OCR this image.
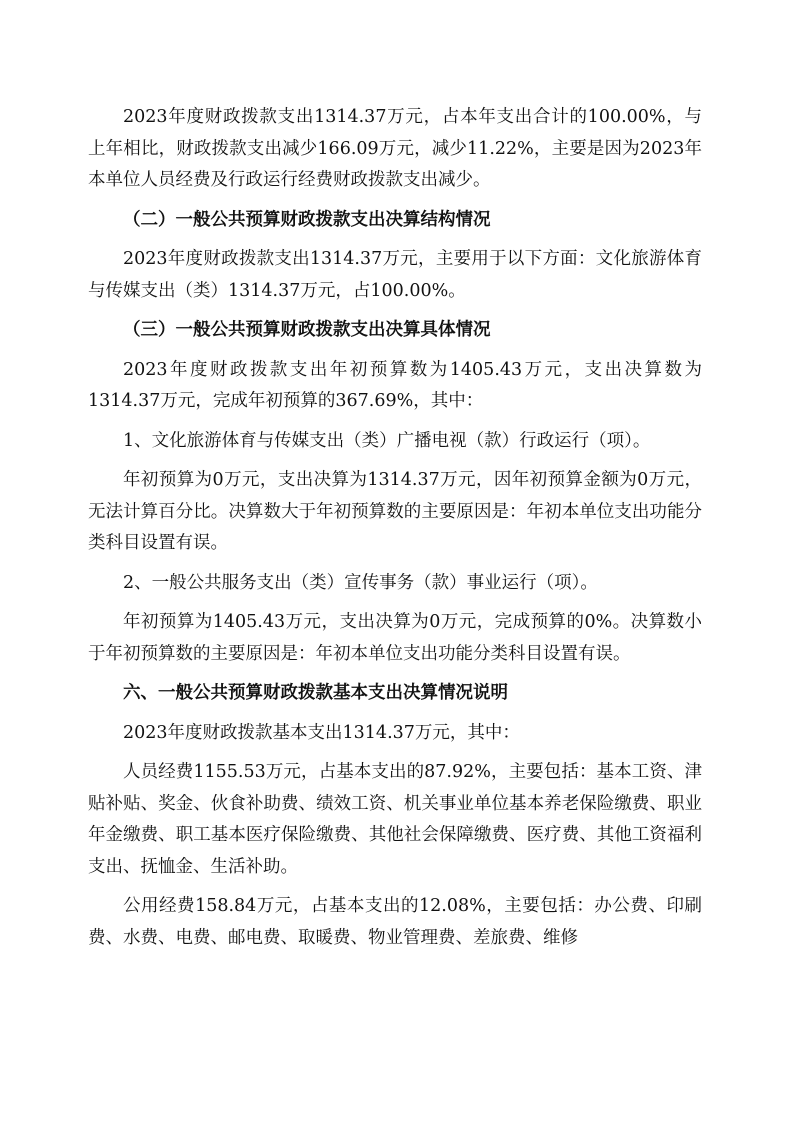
2023年度财政拨款支出1314.37万元，占本年支出合计的100.00%，与上年相比，财政拨款支出减少166.09万元，减少11.22%，主要是因为2023年本单位人员经费及行政运行经费财政拨款支出减少。

（二）一般公共预算财政拨款支出决算结构情况

2023年度财政拨款支出1314.37万元，主要用于以下方面：文化旅游体育与传媒支出（类）1314.37万元，占100.00%。

（三）一般公共预算财政拨款支出决算具体情况

2023年度财政拨款支出年初预算数为1405.43万元，支出决算数为1314.37万元，完成年初预算的367.69%，其中：

1、文化旅游体育与传媒支出（类）广播电视（款）行政运行（项）。

年初预算为0万元，支出决算为1314.37万元，因年初预算金额为0万元，无法计算百分比。决算数大于年初预算数的主要原因是：年初本单位支出功能分类科目设置有误。

2、一般公共服务支出（类）宣传事务（款）事业运行（项）。

年初预算为1405.43万元，支出决算为0万元，完成预算的0%。决算数小于年初预算数的主要原因是：年初本单位支出功能分类科目设置有误。

六、一般公共预算财政拨款基本支出决算情况说明

2023年度财政拨款基本支出1314.37万元，其中：

人员经费1155.53万元，占基本支出的87.92%，主要包括：基本工资、津贴补贴、奖金、伙食补助费、绩效工资、机关事业单位基本养老保险缴费、职业年金缴费、职工基本医疗保险缴费、其他社会保障缴费、医疗费、其他工资福利支出、抚恤金、生活补助。

公用经费158.84万元，占基本支出的12.08%，主要包括：办公费、印刷费、水费、电费、邮电费、取暖费、物业管理费、差旅费、维修
